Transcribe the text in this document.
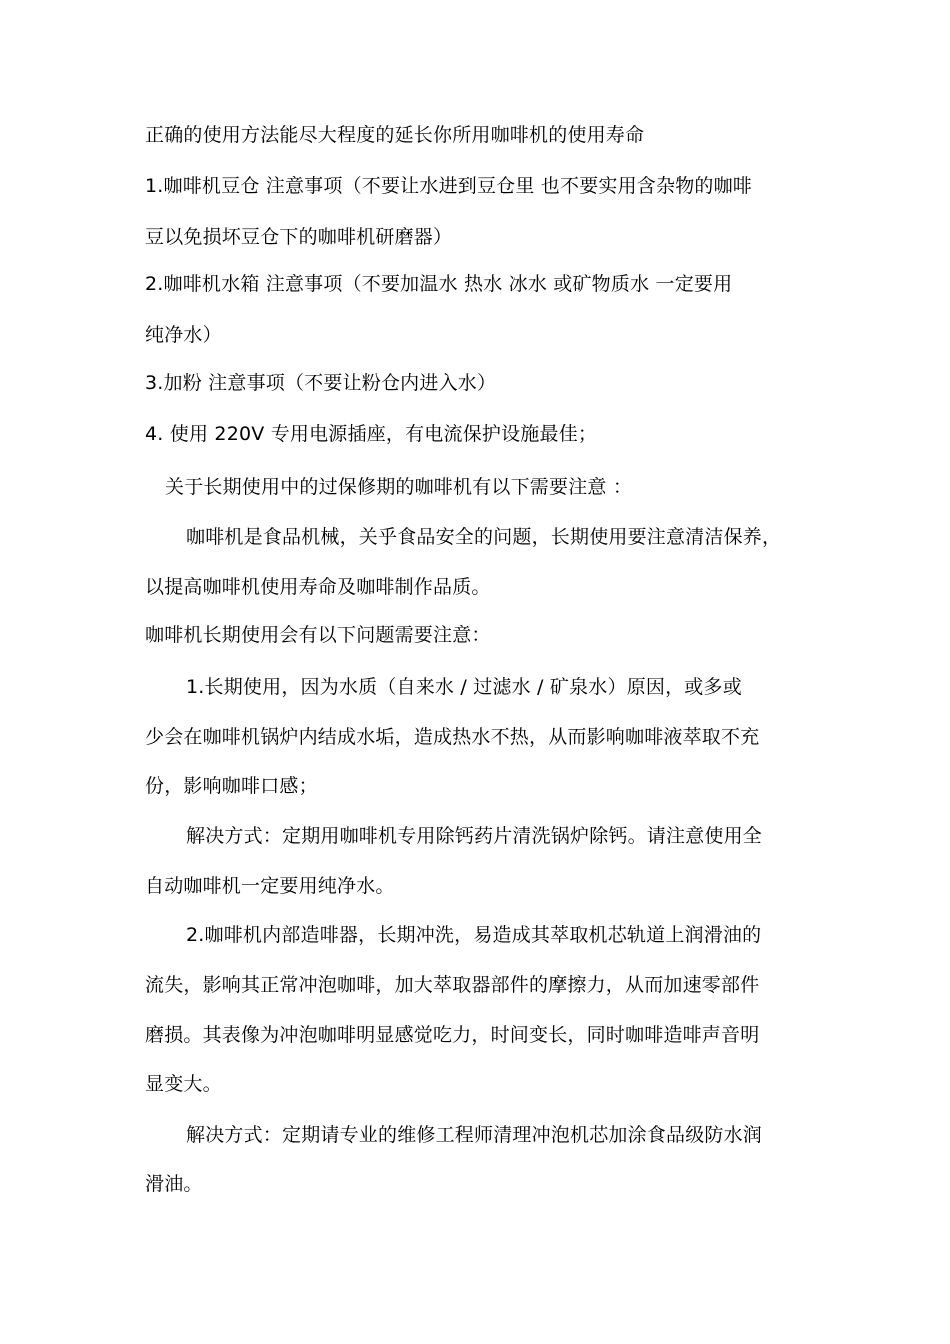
正确的使用方法能尽大程度的延长你所用咖啡机的使用寿命
1.咖啡机豆仓 注意事项（不要让水进到豆仓里 也不要实用含杂物的咖啡
豆以免损坏豆仓下的咖啡机研磨器）
2.咖啡机水箱 注意事项（不要加温水 热水 冰水 或矿物质水 一定要用
纯净水）
3.加粉 注意事项（不要让粉仓内进入水）
4. 使用 220V 专用电源插座，有电流保护设施最佳；
关于长期使用中的过保修期的咖啡机有以下需要注意 ：
咖啡机是食品机械，关乎食品安全的问题，长期使用要注意清洁保养，
以提高咖啡机使用寿命及咖啡制作品质。
咖啡机长期使用会有以下问题需要注意：
1.长期使用，因为水质（自来水 / 过滤水 / 矿泉水）原因，或多或
少会在咖啡机锅炉内结成水垢，造成热水不热，从而影响咖啡液萃取不充
份，影响咖啡口感；
解决方式：定期用咖啡机专用除钙药片清洗锅炉除钙。请注意使用全
自动咖啡机一定要用纯净水。
2.咖啡机内部造啡器，长期冲洗，易造成其萃取机芯轨道上润滑油的
流失，影响其正常冲泡咖啡，加大萃取器部件的摩擦力，从而加速零部件
磨损。其表像为冲泡咖啡明显感觉吃力，时间变长，同时咖啡造啡声音明
显变大。
解决方式：定期请专业的维修工程师清理冲泡机芯加涂食品级防水润
滑油。
